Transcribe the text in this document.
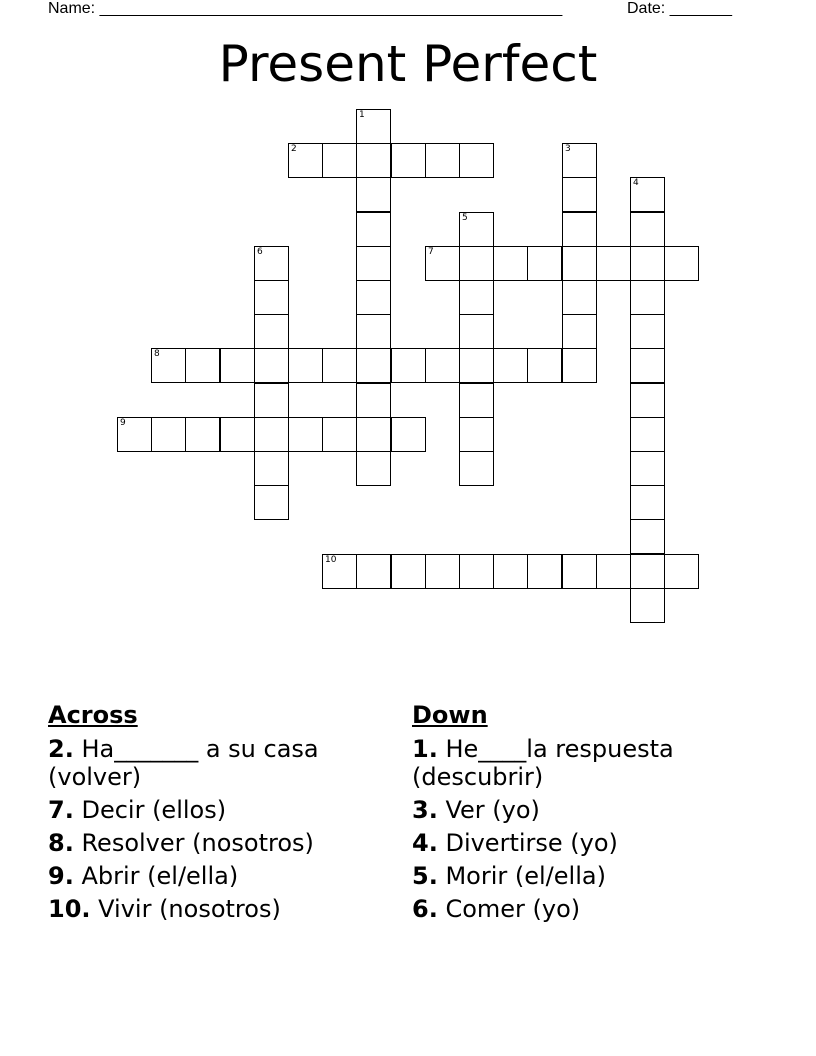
Name: ____________________________________________________	Date: _______
Present Perfect
1
2	3
4
5
6	7
8
9
10
Across
2. Ha_______ a su casa (volver)
7. Decir (ellos)
8. Resolver (nosotros)
9. Abrir (el/ella)
10. Vivir (nosotros)
Down
1. He____la respuesta (descubrir)
3. Ver (yo)
4. Divertirse (yo)
5. Morir (el/ella)
6. Comer (yo)
